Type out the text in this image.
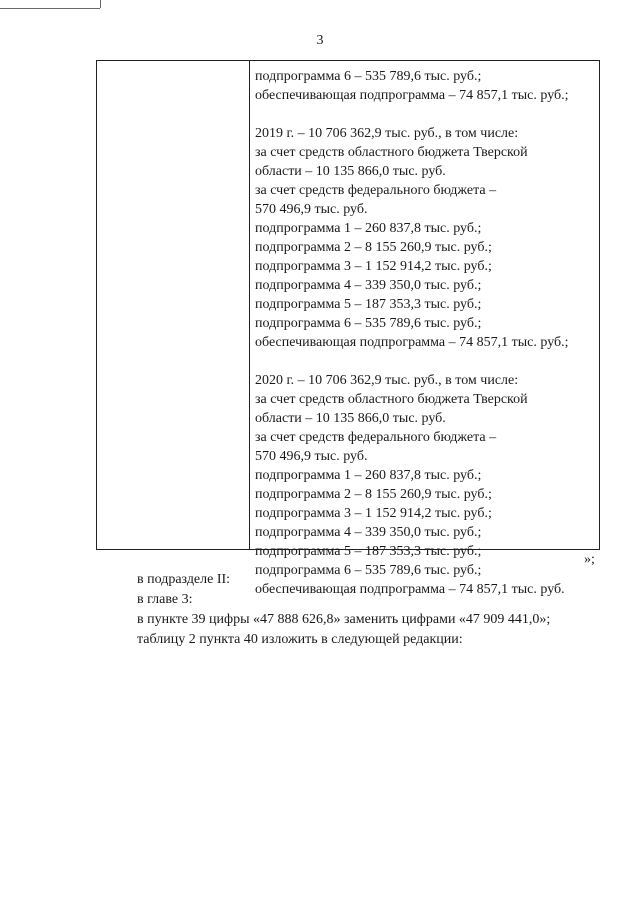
3
подпрограмма 6 – 535 789,6 тыс. руб.;
обеспечивающая подпрограмма – 74 857,1 тыс. руб.;
2019 г. – 10 706 362,9 тыс. руб., в том числе:
за счет средств областного бюджета Тверской
области – 10 135 866,0 тыс. руб.
за счет средств федерального бюджета –
570 496,9 тыс. руб.
подпрограмма 1 – 260 837,8 тыс. руб.;
подпрограмма 2 – 8 155 260,9 тыс. руб.;
подпрограмма 3 – 1 152 914,2 тыс. руб.;
подпрограмма 4 – 339 350,0 тыс. руб.;
подпрограмма 5 – 187 353,3 тыс. руб.;
подпрограмма 6 – 535 789,6 тыс. руб.;
обеспечивающая подпрограмма – 74 857,1 тыс. руб.;
2020 г. – 10 706 362,9 тыс. руб., в том числе:
за счет средств областного бюджета Тверской
области – 10 135 866,0 тыс. руб.
за счет средств федерального бюджета –
570 496,9 тыс. руб.
подпрограмма 1 – 260 837,8 тыс. руб.;
подпрограмма 2 – 8 155 260,9 тыс. руб.;
подпрограмма 3 – 1 152 914,2 тыс. руб.;
подпрограмма 4 – 339 350,0 тыс. руб.;
подпрограмма 5 – 187 353,3 тыс. руб.;
подпрограмма 6 – 535 789,6 тыс. руб.;
обеспечивающая подпрограмма – 74 857,1 тыс. руб.
»;
в подразделе II:
в главе 3:
в пункте 39 цифры «47 888 626,8» заменить цифрами «47 909 441,0»;
таблицу 2 пункта 40 изложить в следующей редакции:
